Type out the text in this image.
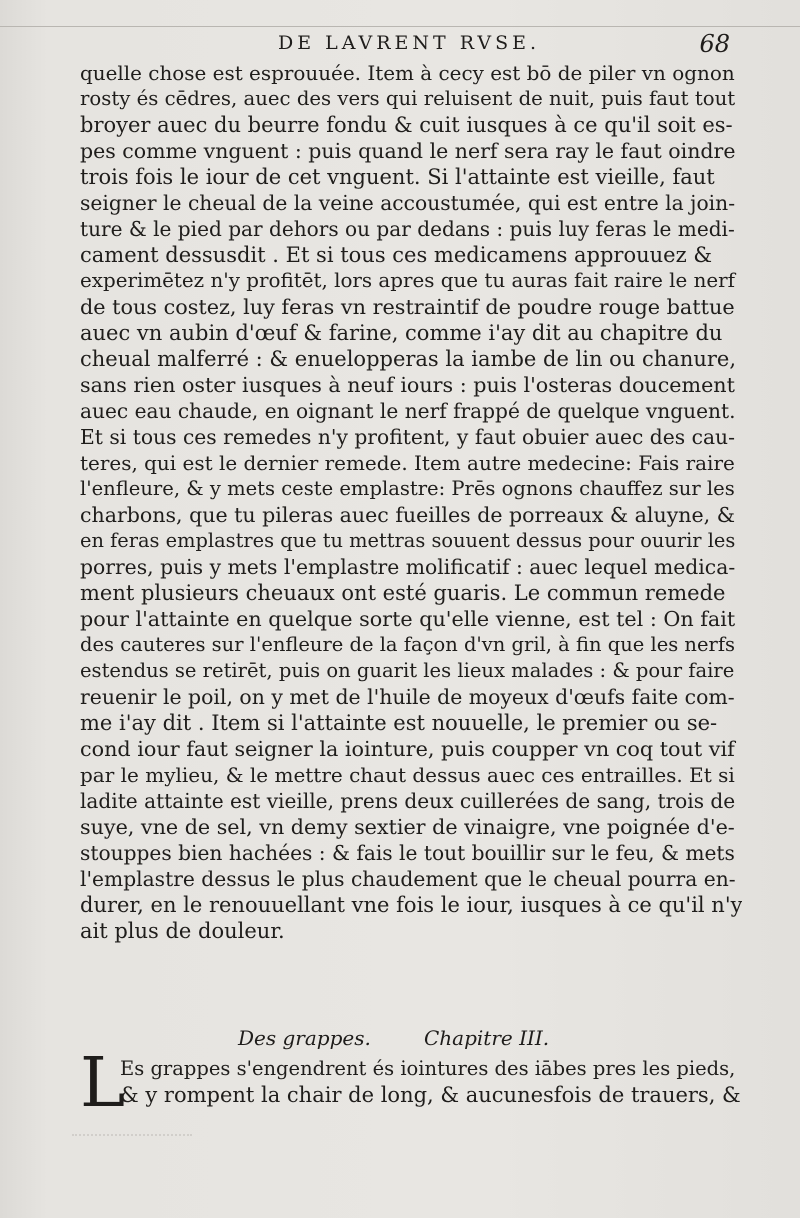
DE LAVRENT RVSE.	68
quelle chose est esprouuée. Item à cecy est bō de piler vn ognon
rosty és cēdres, auec des vers qui reluisent de nuit, puis faut tout
broyer auec du beurre fondu & cuit iusques à ce qu'il soit es-
pes comme vnguent : puis quand le nerf sera ray le faut oindre
trois fois le iour de cet vnguent. Si l'attainte est vieille, faut
seigner le cheual de la veine accoustumée, qui est entre la join-
ture & le pied par dehors ou par dedans : puis luy feras le medi-
cament dessusdit . Et si tous ces medicamens approuuez &
experimētez n'y profitēt, lors apres que tu auras fait raire le nerf
de tous costez, luy feras vn restraintif de poudre rouge battue
auec vn aubin d'œuf & farine, comme i'ay dit au chapitre du
cheual malferré : & enuelopperas la iambe de lin ou chanure,
sans rien oster iusques à neuf iours : puis l'osteras doucement
auec eau chaude, en oignant le nerf frappé de quelque vnguent.
Et si tous ces remedes n'y profitent, y faut obuier auec des cau-
teres, qui est le dernier remede. Item autre medecine: Fais raire
l'enfleure, & y mets ceste emplastre: Prēs ognons chauffez sur les
charbons, que tu pileras auec fueilles de porreaux & aluyne, &
en feras emplastres que tu mettras souuent dessus pour ouurir les
porres, puis y mets l'emplastre molificatif : auec lequel medica-
ment plusieurs cheuaux ont esté guaris. Le commun remede
pour l'attainte en quelque sorte qu'elle vienne, est tel : On fait
des cauteres sur l'enfleure de la façon d'vn gril, à fin que les nerfs
estendus se retirēt, puis on guarit les lieux malades : & pour faire
reuenir le poil, on y met de l'huile de moyeux d'œufs faite com-
me i'ay dit . Item si l'attainte est nouuelle, le premier ou se-
cond iour faut seigner la iointure, puis coupper vn coq tout vif
par le mylieu, & le mettre chaut dessus auec ces entrailles. Et si
ladite attainte est vieille, prens deux cuillerées de sang, trois de
suye, vne de sel, vn demy sextier de vinaigre, vne poignée d'e-
stouppes bien hachées : & fais le tout bouillir sur le feu, & mets
l'emplastre dessus le plus chaudement que le cheual pourra en-
durer, en le renouuellant vne fois le iour, iusques à ce qu'il n'y
ait plus de douleur.
Des grappes.	Chapitre III.
L
Es grappes s'engendrent és iointures des iābes pres les pieds,
& y rompent la chair de long, & aucunesfois de trauers, &
